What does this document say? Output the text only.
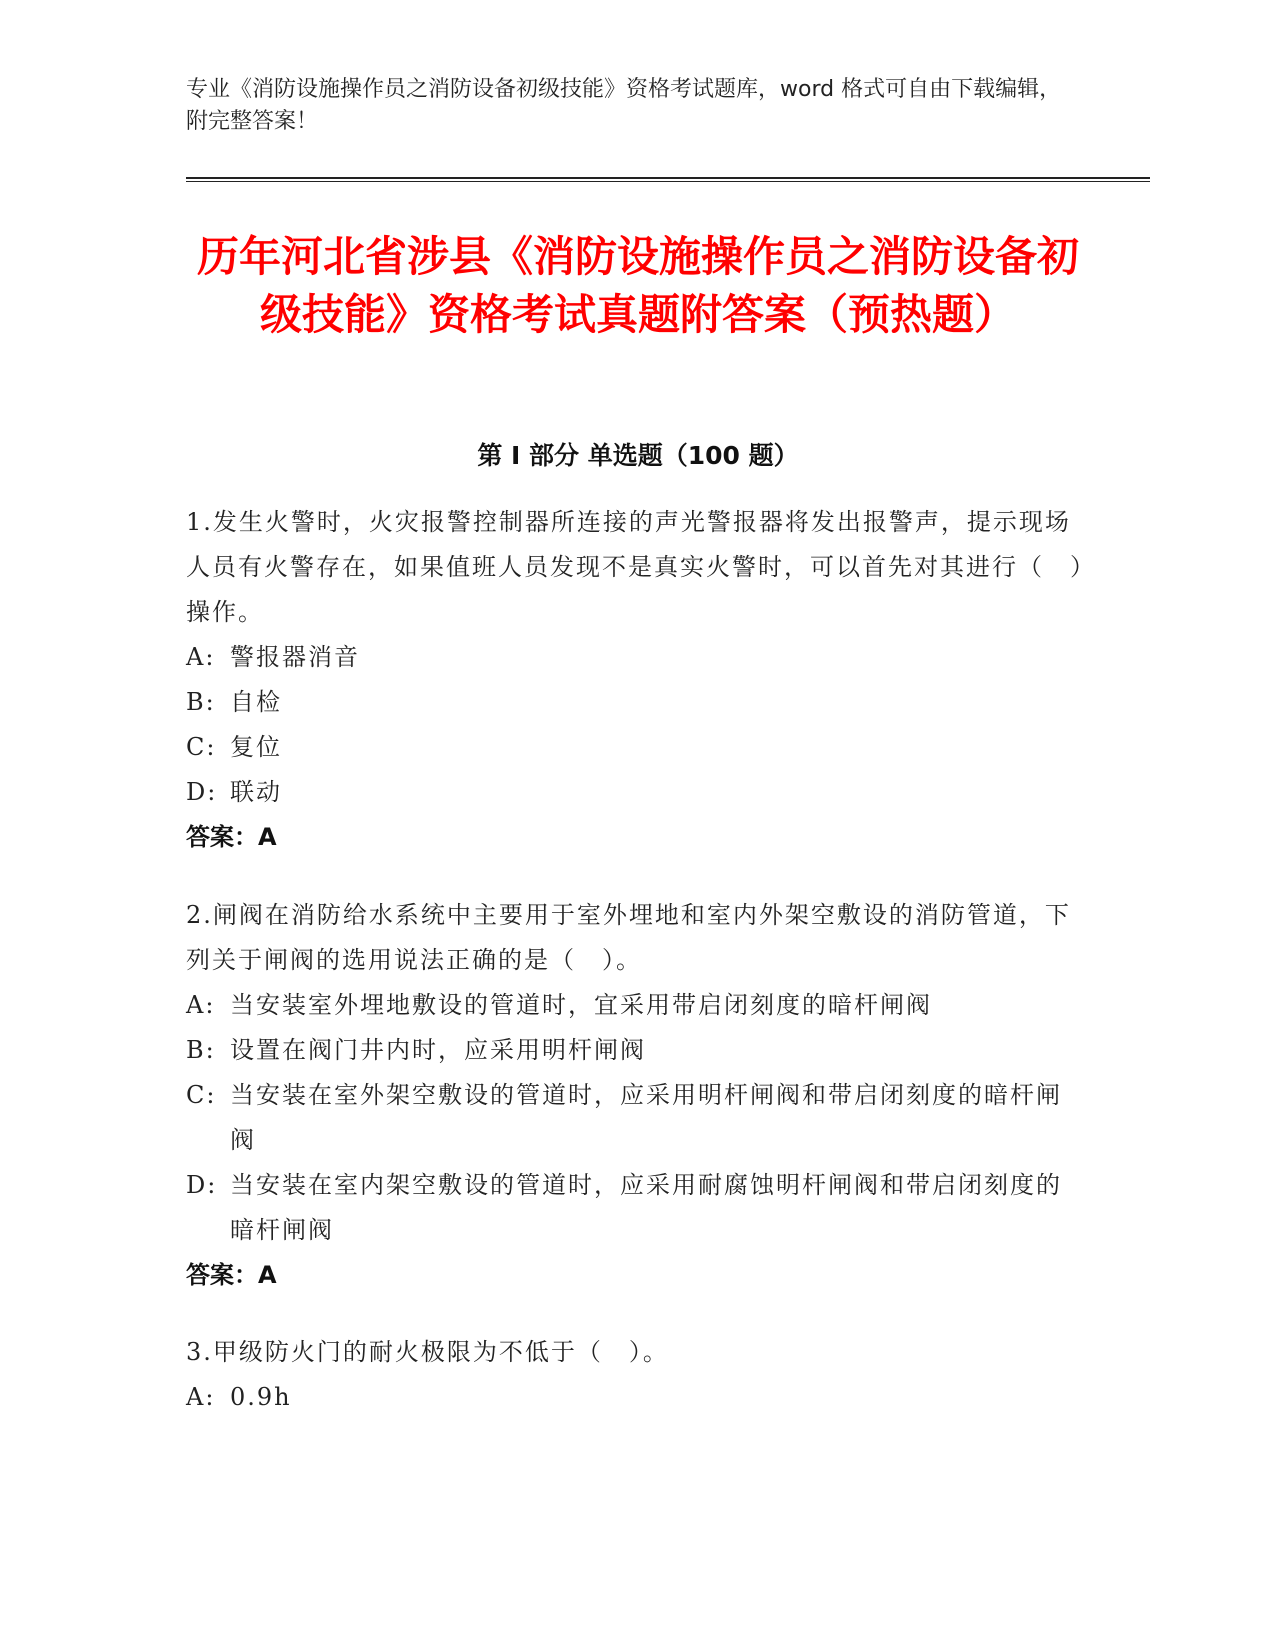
专业《消防设施操作员之消防设备初级技能》资格考试题库，word 格式可自由下载编辑，附完整答案！
历年河北省涉县《消防设施操作员之消防设备初级技能》资格考试真题附答案（预热题）
第 I 部分 单选题（100 题）
1.发生火警时，火灾报警控制器所连接的声光警报器将发出报警声，提示现场人员有火警存在，如果值班人员发现不是真实火警时，可以首先对其进行（　）操作。
A: 警报器消音
B: 自检
C: 复位
D: 联动
答案：A
2.闸阀在消防给水系统中主要用于室外埋地和室内外架空敷设的消防管道，下列关于闸阀的选用说法正确的是（　）。
A: 当安装室外埋地敷设的管道时，宜采用带启闭刻度的暗杆闸阀
B: 设置在阀门井内时，应采用明杆闸阀
C: 当安装在室外架空敷设的管道时，应采用明杆闸阀和带启闭刻度的暗杆闸阀
D: 当安装在室内架空敷设的管道时，应采用耐腐蚀明杆闸阀和带启闭刻度的暗杆闸阀
答案：A
3.甲级防火门的耐火极限为不低于（　）。
A: 0.9h
